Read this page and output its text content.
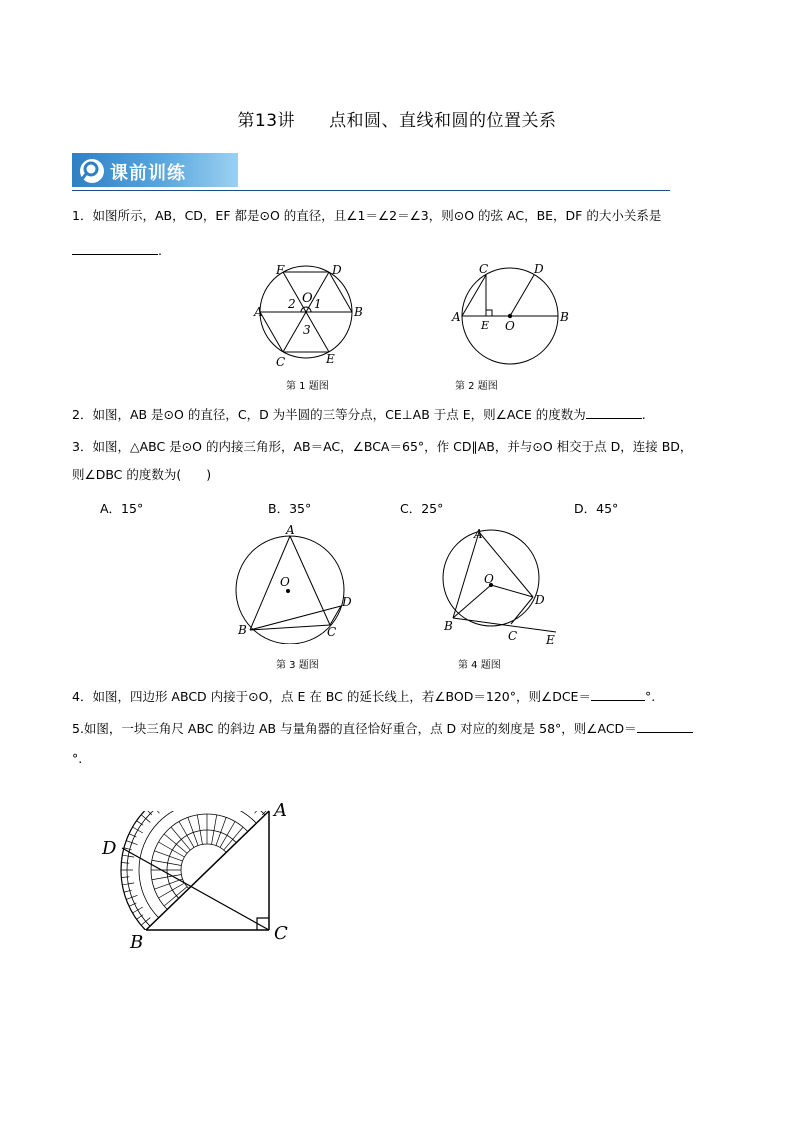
第13讲 点和圆、直线和圆的位置关系
课前训练
1．如图所示，AB，CD，EF 都是⊙O 的直径，且∠1＝∠2＝∠3，则⊙O 的弦 AC，BE，DF 的大小关系是
.
A	B
C
D
E
F
O 1
2
3
第 1 题图
A	B
C	D
E O
第 2 题图
2．如图，AB 是⊙O 的直径，C，D 为半圆的三等分点，CE⊥AB 于点 E，则∠ACE 的度数为	.
3．如图，△ABC 是⊙O 的内接三角形，AB＝AC，∠BCA＝65°，作 CD∥AB，并与⊙O 相交于点 D，连接 BD，
则∠DBC 的度数为(　　)
A．15°	B．35°	C．25°	D．45°
A
B	C
D
O
第 3 题图
A
B
C
D
E
O
第 4 题图
4．如图，四边形 ABCD 内接于⊙O，点 E 在 BC 的延长线上，若∠BOD＝120°，则∠DCE＝	°.
5.如图，一块三角尺 ABC 的斜边 AB 与量角器的直径恰好重合，点 D 对应的刻度是 58°，则∠ACD＝
°.
A
B	C
D
